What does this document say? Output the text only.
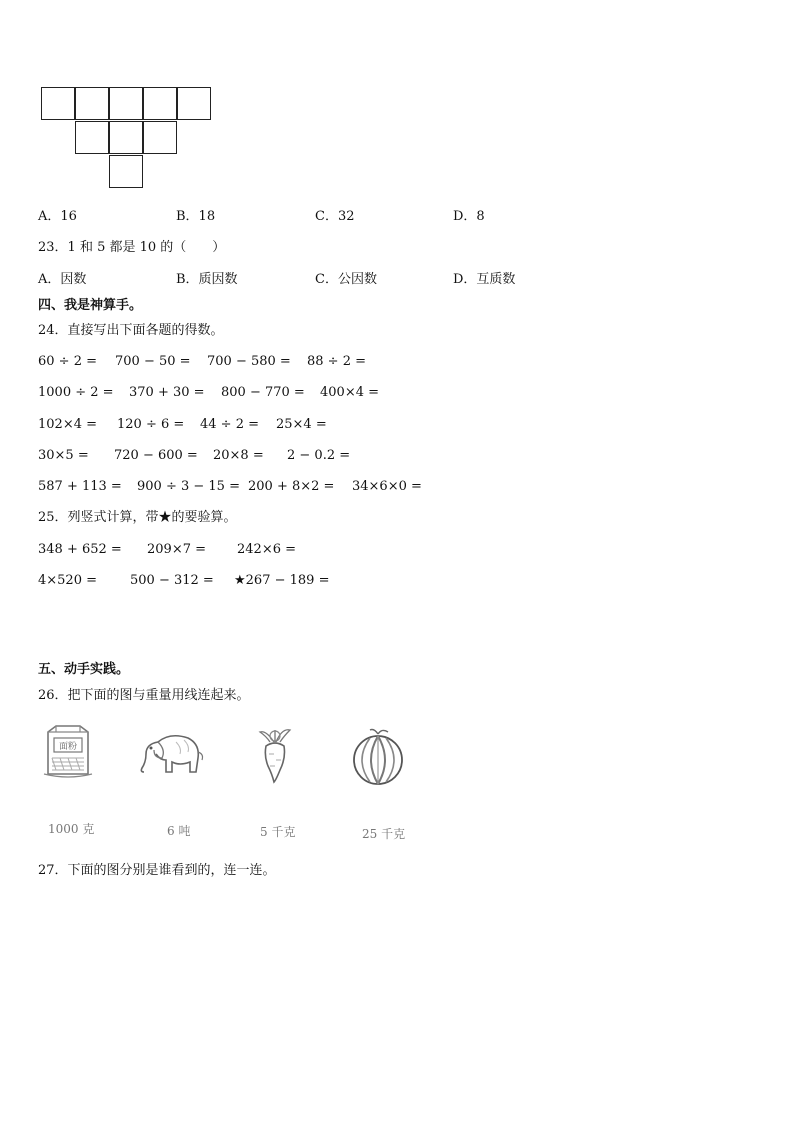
A．16	B．18	C．32	D．8
23．1 和 5 都是 10 的（　　）
A．因数	B．质因数	C．公因数	D．互质数
四、我是神算手。
24．直接写出下面各题的得数。
60 ÷ 2 = 700 − 50 = 700 − 580 = 88 ÷ 2 =
1000 ÷ 2 = 370 + 30 = 800 − 770 = 400×4 =
102×4 = 120 ÷ 6 = 44 ÷ 2 = 25×4 =
30×5 = 720 − 600 = 20×8 = 2 − 0.2 =
587 + 113 = 900 ÷ 3 − 15 = 200 + 8×2 = 34×6×0 =
25．列竖式计算，带★的要验算。
348 + 652 = 209×7 = 242×6 =
4×520 =	500 − 312 = ★267 − 189 =
五、动手实践。
26．把下面的图与重量用线连起来。
面粉
1000 克	6 吨	5 千克	25 千克
27．下面的图分别是谁看到的，连一连。
